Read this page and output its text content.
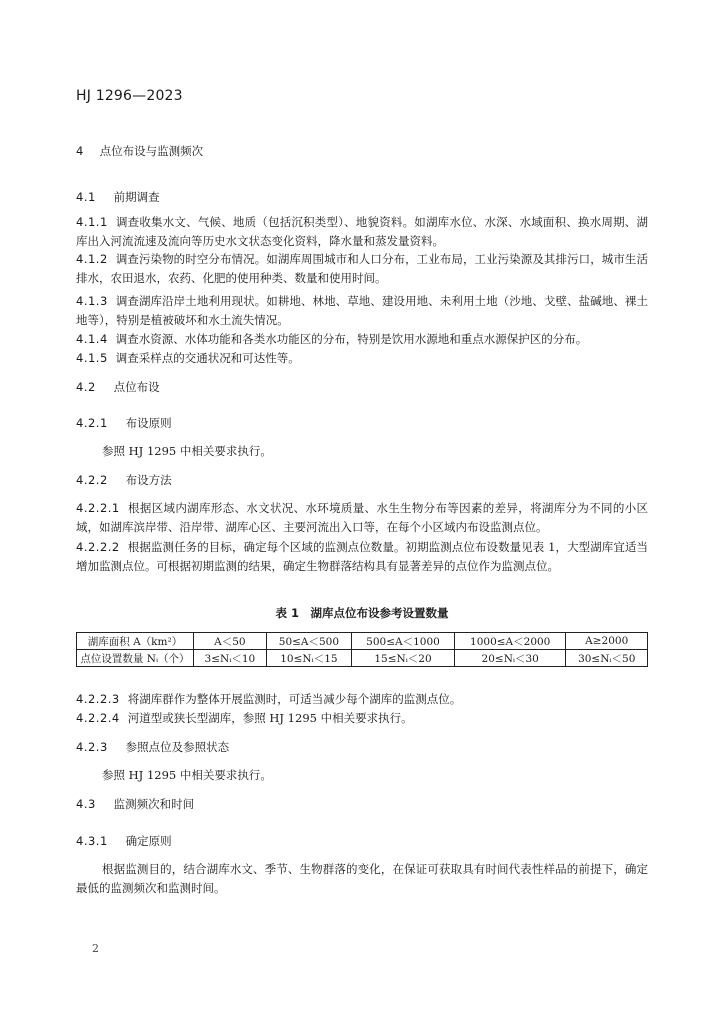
HJ 1296—2023
4 点位布设与监测频次
4.1 前期调查
4.1.1 调查收集水文、气候、地质（包括沉积类型）、地貌资料。如湖库水位、水深、水域面积、换水周期、湖库出入河流流速及流向等历史水文状态变化资料，降水量和蒸发量资料。
4.1.2 调查污染物的时空分布情况。如湖库周围城市和人口分布，工业布局，工业污染源及其排污口，城市生活排水，农田退水，农药、化肥的使用种类、数量和使用时间。
4.1.3 调查湖库沿岸土地利用现状。如耕地、林地、草地、建设用地、未利用土地（沙地、戈壁、盐碱地、裸土地等），特别是植被破坏和水土流失情况。
4.1.4 调查水资源、水体功能和各类水功能区的分布，特别是饮用水源地和重点水源保护区的分布。
4.1.5 调查采样点的交通状况和可达性等。
4.2 点位布设
4.2.1 布设原则
参照 HJ 1295 中相关要求执行。
4.2.2 布设方法
4.2.2.1 根据区域内湖库形态、水文状况、水环境质量、水生生物分布等因素的差异，将湖库分为不同的小区域，如湖库滨岸带、沿岸带、湖库心区、主要河流出入口等，在每个小区域内布设监测点位。
4.2.2.2 根据监测任务的目标，确定每个区域的监测点位数量。初期监测点位布设数量见表 1，大型湖库宜适当增加监测点位。可根据初期监测的结果，确定生物群落结构具有显著差异的点位作为监测点位。
表 1　湖库点位布设参考设置数量
湖库面积 A（km²）	A＜50	50≤A＜500	500≤A＜1000	1000≤A＜2000	A≥2000
点位设置数量 Nᵢ（个）	3≤Nᵢ＜10	10≤Nᵢ＜15	15≤Nᵢ＜20	20≤Nᵢ＜30	30≤Nᵢ＜50
4.2.2.3 将湖库群作为整体开展监测时，可适当减少每个湖库的监测点位。
4.2.2.4 河道型或狭长型湖库，参照 HJ 1295 中相关要求执行。
4.2.3 参照点位及参照状态
参照 HJ 1295 中相关要求执行。
4.3 监测频次和时间
4.3.1 确定原则
根据监测目的，结合湖库水文、季节、生物群落的变化，在保证可获取具有时间代表性样品的前提下，确定最低的监测频次和监测时间。
2
